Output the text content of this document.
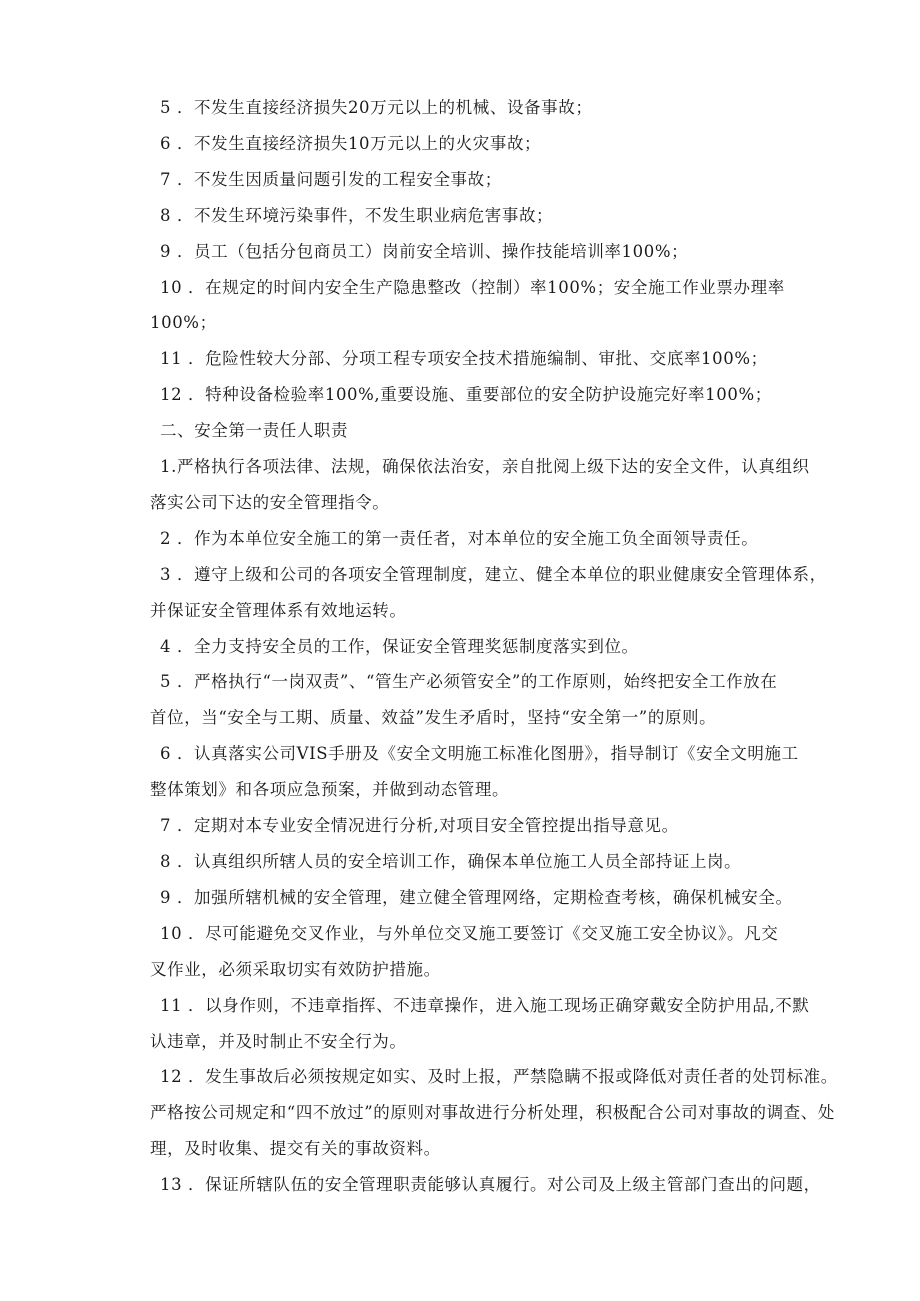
5 ．不发生直接经济损失20万元以上的机械、设备事故；
6 ．不发生直接经济损失10万元以上的火灾事故；
7 ．不发生因质量问题引发的工程安全事故；
8 ．不发生环境污染事件，不发生职业病危害事故；
9 ．员工（包括分包商员工）岗前安全培训、操作技能培训率100%；
10 ．在规定的时间内安全生产隐患整改（控制）率100%；安全施工作业票办理率
100%；
11 ．危险性较大分部、分项工程专项安全技术措施编制、审批、交底率100%；
12 ．特种设备检验率100%,重要设施、重要部位的安全防护设施完好率100%；
二、安全第一责任人职责
1.严格执行各项法律、法规，确保依法治安，亲自批阅上级下达的安全文件，认真组织
落实公司下达的安全管理指令。
2 ．作为本单位安全施工的第一责任者，对本单位的安全施工负全面领导责任。
3 ．遵守上级和公司的各项安全管理制度，建立、健全本单位的职业健康安全管理体系，
并保证安全管理体系有效地运转。
4 ．全力支持安全员的工作，保证安全管理奖惩制度落实到位。
5 ．严格执行“一岗双责”、“管生产必须管安全”的工作原则，始终把安全工作放在
首位，当“安全与工期、质量、效益”发生矛盾时，坚持“安全第一”的原则。
6 ．认真落实公司VIS手册及《安全文明施工标准化图册》，指导制订《安全文明施工
整体策划》和各项应急预案，并做到动态管理。
7 ．定期对本专业安全情况进行分析,对项目安全管控提出指导意见。
8 ．认真组织所辖人员的安全培训工作，确保本单位施工人员全部持证上岗。
9 ．加强所辖机械的安全管理，建立健全管理网络，定期检查考核，确保机械安全。
10 ．尽可能避免交叉作业，与外单位交叉施工要签订《交叉施工安全协议》。凡交
叉作业，必须采取切实有效防护措施。
11 ．以身作则，不违章指挥、不违章操作，进入施工现场正确穿戴安全防护用品,不默
认违章，并及时制止不安全行为。
12 ．发生事故后必须按规定如实、及时上报，严禁隐瞒不报或降低对责任者的处罚标准。
严格按公司规定和“四不放过”的原则对事故进行分析处理，积极配合公司对事故的调查、处
理，及时收集、提交有关的事故资料。
13 ．保证所辖队伍的安全管理职责能够认真履行。对公司及上级主管部门查出的问题，
